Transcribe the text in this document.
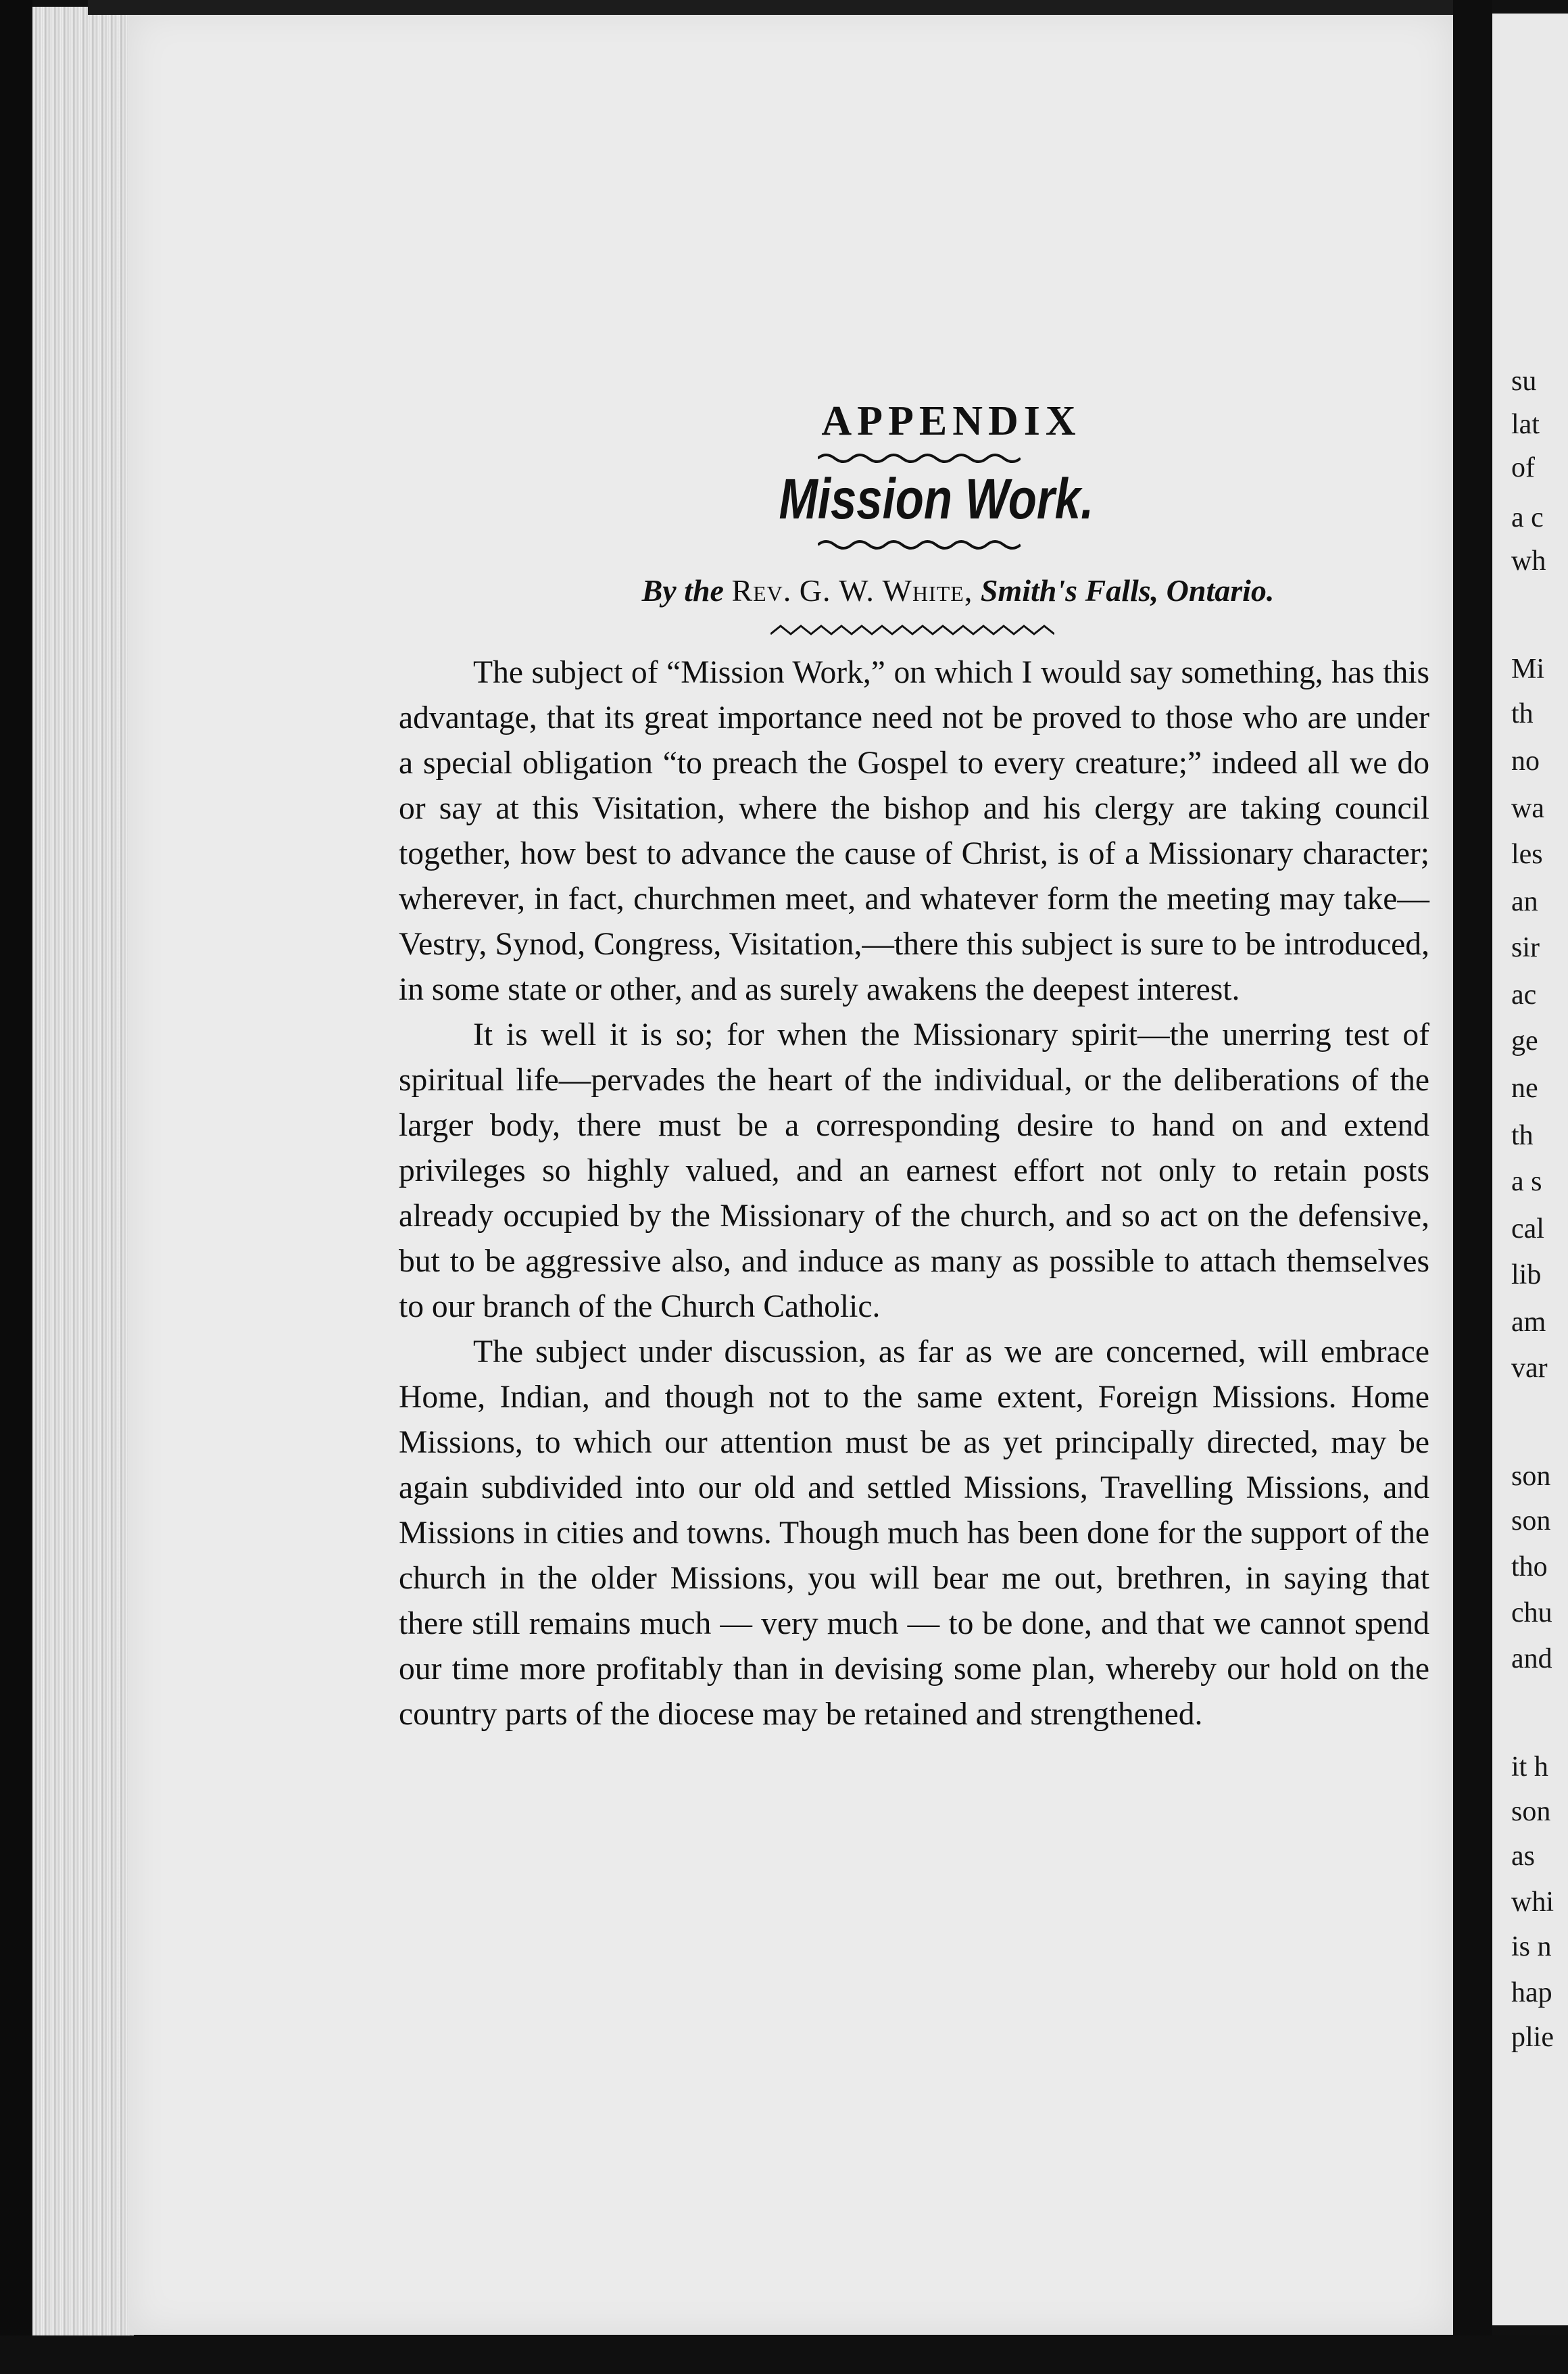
APPENDIX
Mission Work.

By the Rev. G. W. White, Smith's Falls, Ontario.

The subject of “Mission Work,” on which I would say something, has this advantage, that its great importance need not be proved to those who are under a special obligation “to preach the Gospel to every creature;” indeed all we do or say at this Visitation, where the bishop and his clergy are taking council together, how best to advance the cause of Christ, is of a Missionary character; wherever, in fact, churchmen meet, and whatever form the meeting may take—Vestry, Synod, Congress, Visitation,—there this subject is sure to be introduced, in some state or other, and as surely awakens the deepest interest.

It is well it is so; for when the Missionary spirit—the unerring test of spiritual life—pervades the heart of the individual, or the deliberations of the larger body, there must be a corresponding desire to hand on and extend privileges so highly valued, and an earnest effort not only to retain posts already occupied by the Missionary of the church, and so act on the defensive, but to be aggressive also, and induce as many as possible to attach themselves to our branch of the Church Catholic.

The subject under discussion, as far as we are concerned, will embrace Home, Indian, and though not to the same extent, Foreign Missions. Home Missions, to which our attention must be as yet principally directed, may be again subdivided into our old and settled Missions, Travelling Missions, and Missions in cities and towns. Though much has been done for the support of the church in the older Missions, you will bear me out, brethren, in saying that there still remains much — very much — to be done, and that we cannot spend our time more profitably than in devising some plan, whereby our hold on the country parts of the diocese may be retained and strengthened.

su
lat
of
a c
wh
Mi
th
no
wa
les
an
sir
ac
ge
ne
th
a s
cal
lib
am
var
son
son
tho
chu
and
it h
son
as
whi
is n
hap
plie
